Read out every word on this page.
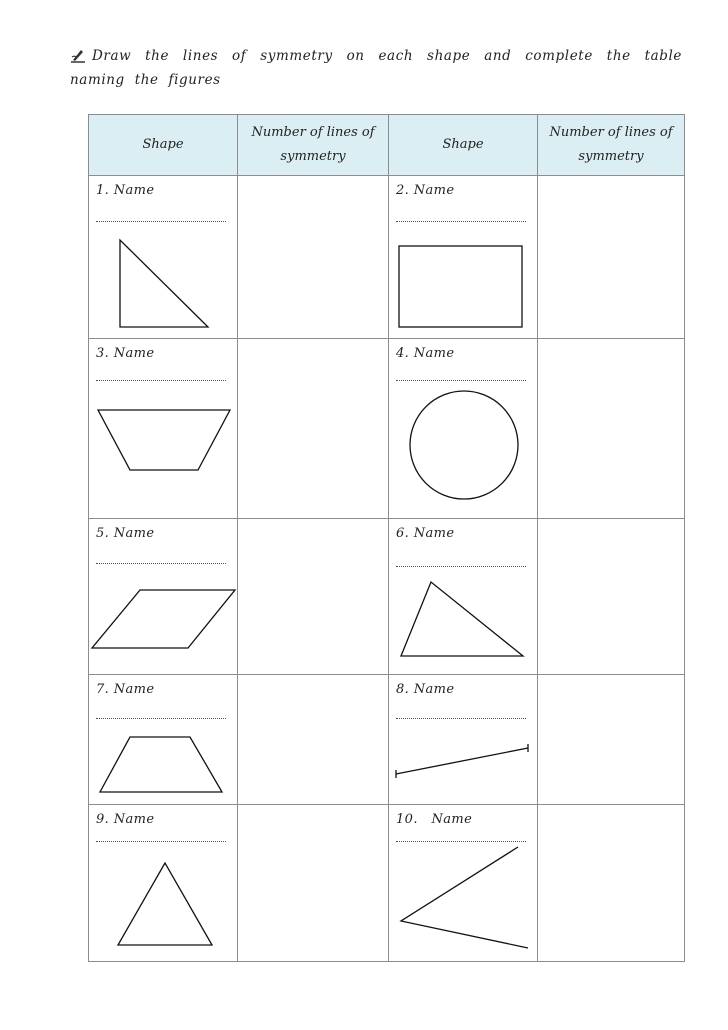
Draw the lines of symmetry on each shape and complete the table naming the figures
Shape	Number of lines of symmetry	Shape	Number of lines of symmetry

1. Name		2. Name	

3. Name		4. Name	

5. Name		6. Name	

7. Name		8. Name	

9. Name		10.   Name	
